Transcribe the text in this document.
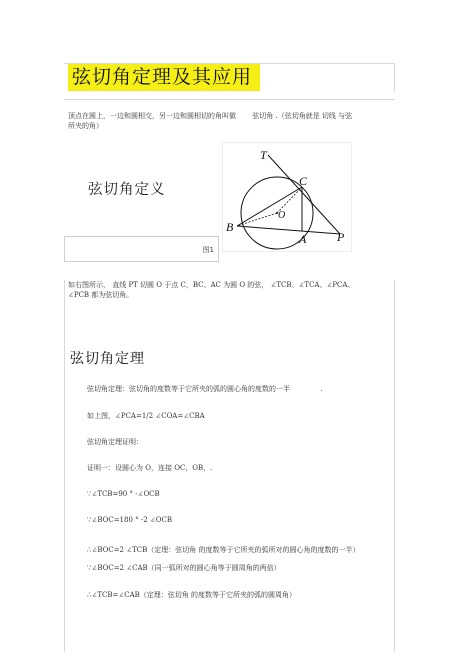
弦切角定理及其应用
顶点在圆上，一边和圆相交，另一边和圆相切的角叫做 弦切角 .（弦切角就是 切线 与弦
所夹的角）
弦切角定义
图1
T
C
O
B
A	P
如右图所示， 直线 PT 切圆 O 于点 C，BC、AC 为圆 O 的弦， ∠TCB、∠TCA、∠PCA、
∠PCB 都为弦切角。
弦切角定理
弦切角定理：弦切角的度数等于它所夹的弧的圆心角的度数的一半	.
如上图，∠PCA=1/2 ∠COA=∠CBA
弦切角定理证明：
证明一：设圆心为 O，连接 OC，OB，.
∵∠TCB=90 ° -∠OCB
∵∠BOC=180 ° -2 ∠OCB
∴∠BOC=2 ∠TCB（定理：弦切角 的度数等于它所夹的弧所对的圆心角的度数的一半）
∵∠BOC=2 ∠CAB（同一弧所对的圆心角等于圆周角的两倍）
∴∠TCB=∠CAB（定理：弦切角 的度数等于它所夹的弧的圆周角）
